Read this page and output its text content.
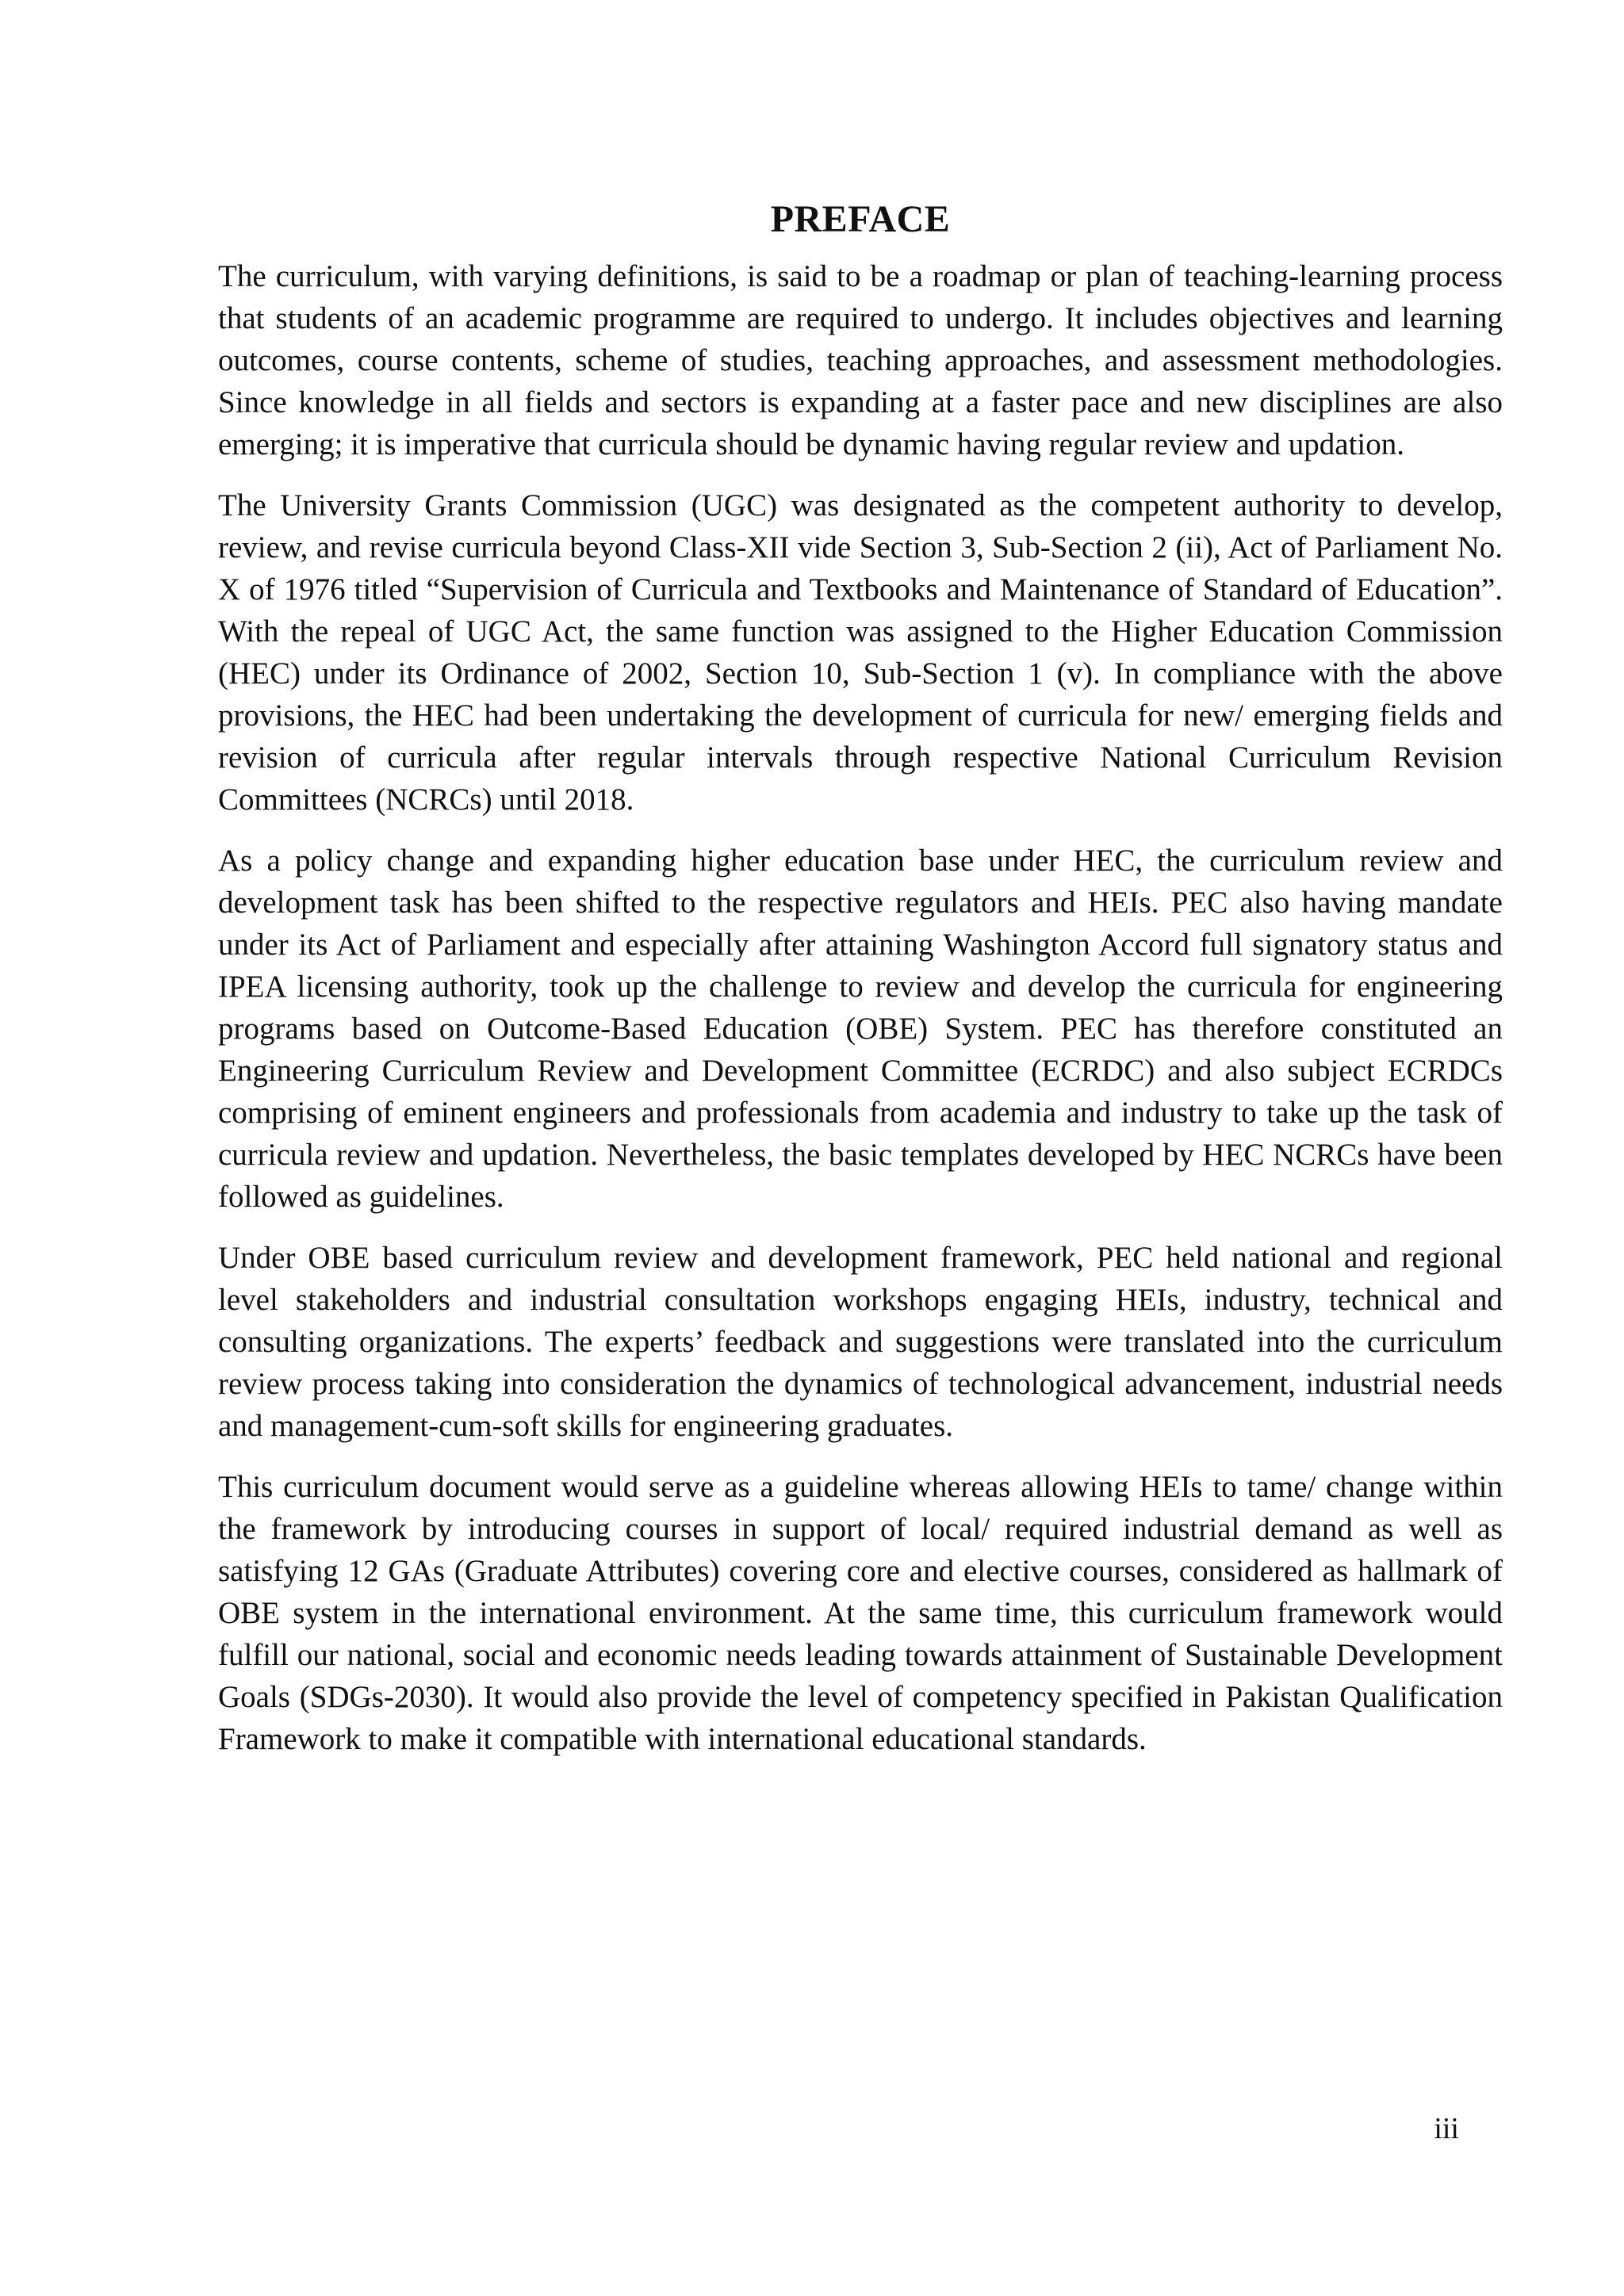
PREFACE

The curriculum, with varying definitions, is said to be a roadmap or plan of teaching-learning process that students of an academic programme are required to undergo. It includes objectives and learning outcomes, course contents, scheme of studies, teaching approaches, and assessment methodologies. Since knowledge in all fields and sectors is expanding at a faster pace and new disciplines are also emerging; it is imperative that curricula should be dynamic having regular review and updation.

The University Grants Commission (UGC) was designated as the competent authority to develop, review, and revise curricula beyond Class-XII vide Section 3, Sub-Section 2 (ii), Act of Parliament No. X of 1976 titled “Supervision of Curricula and Textbooks and Maintenance of Standard of Education”. With the repeal of UGC Act, the same function was assigned to the Higher Education Commission (HEC) under its Ordinance of 2002, Section 10, Sub-Section 1 (v). In compliance with the above provisions, the HEC had been undertaking the development of curricula for new/ emerging fields and revision of curricula after regular intervals through respective National Curriculum Revision Committees (NCRCs) until 2018.

As a policy change and expanding higher education base under HEC, the curriculum review and development task has been shifted to the respective regulators and HEIs. PEC also having mandate under its Act of Parliament and especially after attaining Washington Accord full signatory status and IPEA licensing authority, took up the challenge to review and develop the curricula for engineering programs based on Outcome-Based Education (OBE) System. PEC has therefore constituted an Engineering Curriculum Review and Development Committee (ECRDC) and also subject ECRDCs comprising of eminent engineers and professionals from academia and industry to take up the task of curricula review and updation. Nevertheless, the basic templates developed by HEC NCRCs have been followed as guidelines.

Under OBE based curriculum review and development framework, PEC held national and regional level stakeholders and industrial consultation workshops engaging HEIs, industry, technical and consulting organizations. The experts’ feedback and suggestions were translated into the curriculum review process taking into consideration the dynamics of technological advancement, industrial needs and management-cum-soft skills for engineering graduates.

This curriculum document would serve as a guideline whereas allowing HEIs to tame/ change within the framework by introducing courses in support of local/ required industrial demand as well as satisfying 12 GAs (Graduate Attributes) covering core and elective courses, considered as hallmark of OBE system in the international environment. At the same time, this curriculum framework would fulfill our national, social and economic needs leading towards attainment of Sustainable Development Goals (SDGs-2030). It would also provide the level of competency specified in Pakistan Qualification Framework to make it compatible with international educational standards.

iii
